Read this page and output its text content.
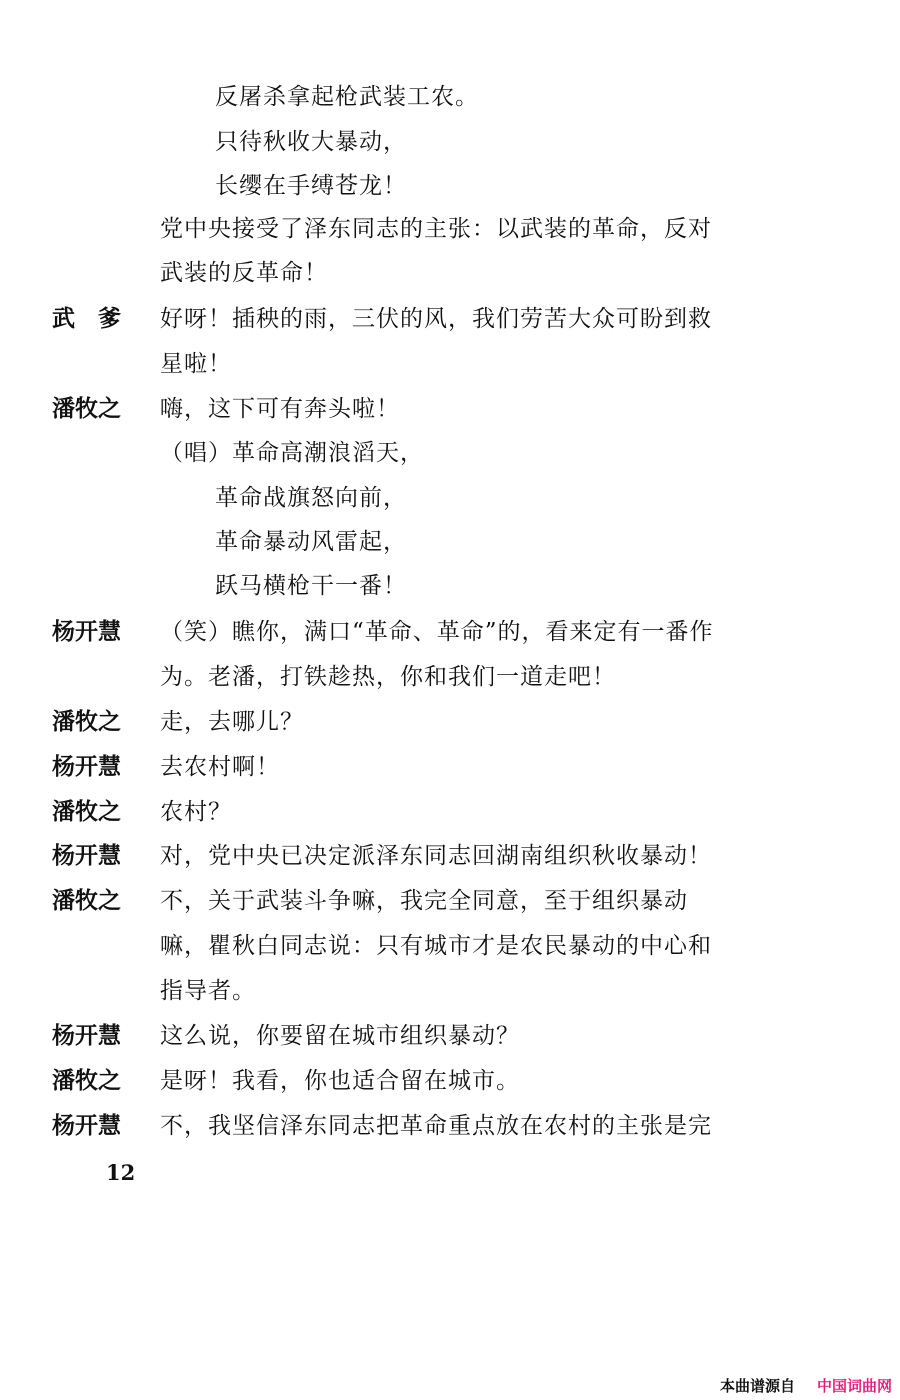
反屠杀拿起枪武装工农。
只待秋收大暴动，
长缨在手缚苍龙！
党中央接受了泽东同志的主张：以武装的革命，反对
武装的反革命！
武　爹 好呀！插秧的雨，三伏的风，我们劳苦大众可盼到救
星啦！
潘牧之 嗨，这下可有奔头啦！
（唱）革命高潮浪滔天，
革命战旗怒向前，
革命暴动风雷起，
跃马横枪干一番！
杨开慧 （笑）瞧你，满口“革命、革命”的，看来定有一番作
为。老潘，打铁趁热，你和我们一道走吧！
潘牧之 走，去哪儿？
杨开慧 去农村啊！
潘牧之 农村？
杨开慧 对，党中央已决定派泽东同志回湖南组织秋收暴动！
潘牧之 不，关于武装斗争嘛，我完全同意，至于组织暴动
嘛，瞿秋白同志说：只有城市才是农民暴动的中心和
指导者。
杨开慧 这么说，你要留在城市组织暴动？
潘牧之 是呀！我看，你也适合留在城市。
杨开慧 不，我坚信泽东同志把革命重点放在农村的主张是完
12
本曲谱源自 中国词曲网
